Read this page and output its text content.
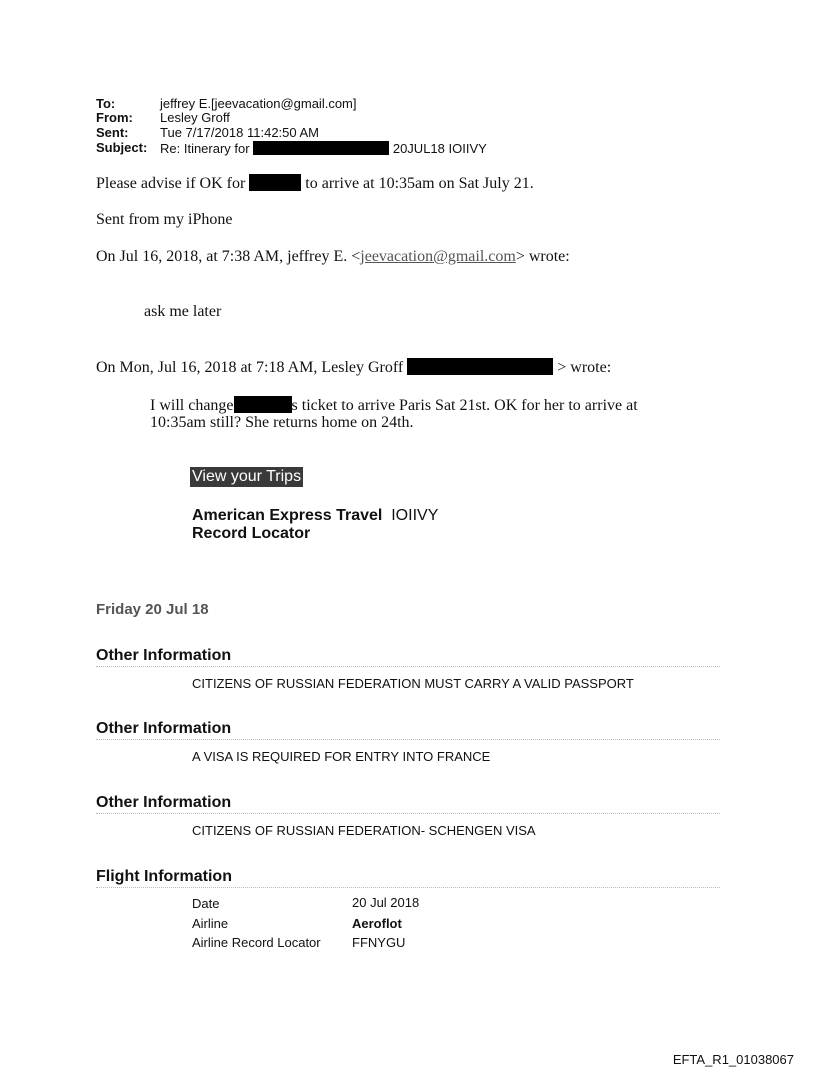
To:	jeffrey E.[jeevacation@gmail.com]
From: Lesley Groff
Sent: Tue 7/17/2018 11:42:50 AM
Subject: Re: Itinerary for	20JUL18 IOIIVY
Please advise if OK for	to arrive at 10:35am on Sat July 21.
Sent from my iPhone
On Jul 16, 2018, at 7:38 AM, jeffrey E. <jeevacation@gmail.com> wrote:
ask me later
On Mon, Jul 16, 2018 at 7:18 AM, Lesley Groff	> wrote:
I will change	s ticket to arrive Paris Sat 21st. OK for her to arrive at
10:35am still? She returns home on 24th.
View your Trips
American Express Travel IOIIVY
Record Locator
Friday 20 Jul 18
Other Information
CITIZENS OF RUSSIAN FEDERATION MUST CARRY A VALID PASSPORT
Other Information
A VISA IS REQUIRED FOR ENTRY INTO FRANCE
Other Information
CITIZENS OF RUSSIAN FEDERATION- SCHENGEN VISA
Flight Information
Date	20 Jul 2018
Airline	Aeroflot
Airline Record Locator FFNYGU
EFTA_R1_01038067
